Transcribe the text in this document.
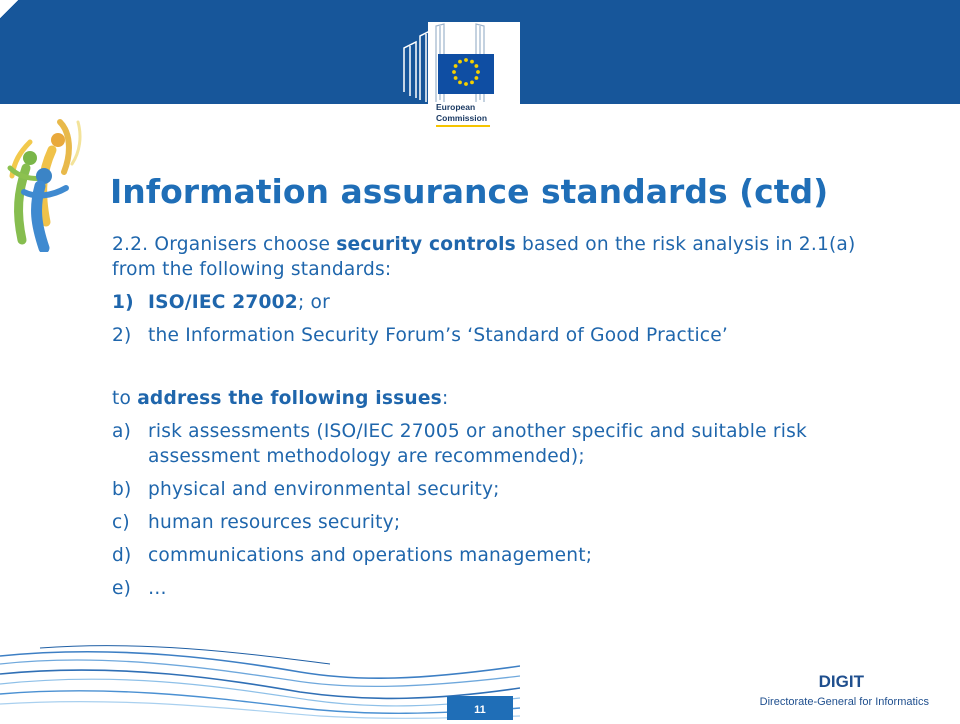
European
Commission
Information assurance standards (ctd)

2.2. Organisers choose security controls based on the risk analysis in 2.1(a) from the following standards:

1) ISO/IEC 27002; or
2) the Information Security Forum’s ‘Standard of Good Practice’

to address the following issues:

a) risk assessments (ISO/IEC 27005 or another specific and suitable risk assessment methodology are recommended);
b) physical and environmental security;
c) human resources security;
d) communications and operations management;
e) …
11
DIGIT
Directorate-General for Informatics
